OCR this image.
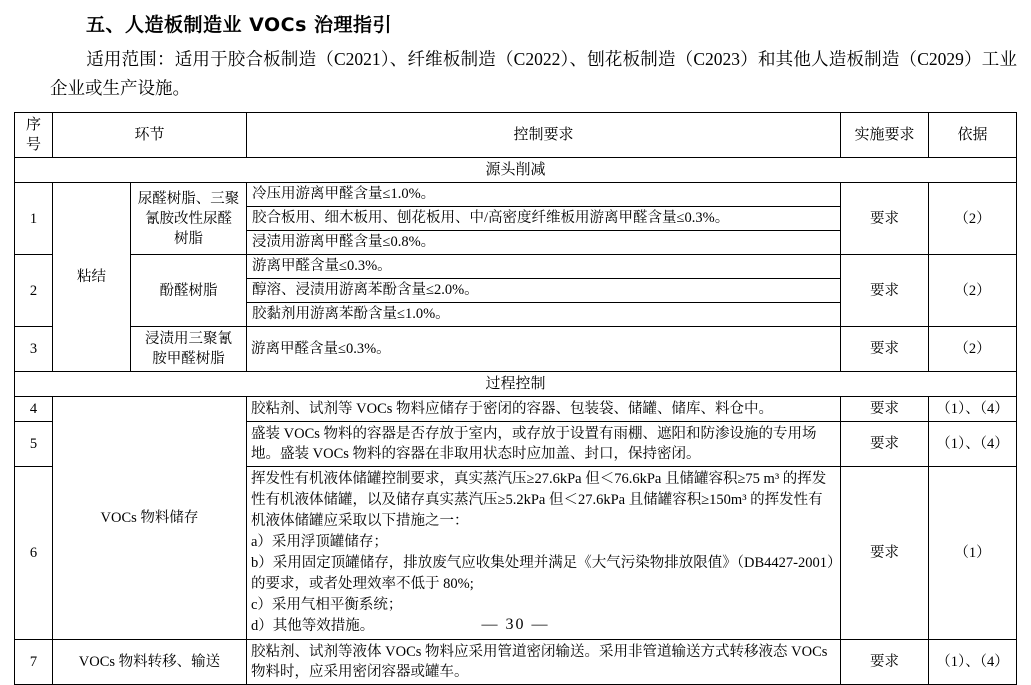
五、人造板制造业 VOCs 治理指引
适用范围：适用于胶合板制造（C2021）、纤维板制造（C2022）、刨花板制造（C2023）和其他人造板制造（C2029）工业企业或生产设施。
序号	环节		控制要求	实施要求	依据
源头削减					
1	粘结	尿醛树脂、三聚
氰胺改性尿醛
树脂	冷压用游离甲醛含量≤1.0%。
胶合板用、细木板用、刨花板用、中/高密度纤维板用游离甲醛含量≤0.3%。
浸渍用游离甲醛含量≤0.8%。	要求	（2）
2		酚醛树脂	游离甲醛含量≤0.3%。
醇溶、浸渍用游离苯酚含量≤2.0%。
胶黏剂用游离苯酚含量≤1.0%。	要求	（2）
3		浸渍用三聚氰
胺甲醛树脂	游离甲醛含量≤0.3%。	要求	（2）
过程控制					
4	VOCs 物料储存		胶粘剂、试剂等 VOCs 物料应储存于密闭的容器、包装袋、储罐、储库、料仓中。	要求	（1）、（4）
5			盛装 VOCs 物料的容器是否存放于室内，或存放于设置有雨棚、遮阳和防渗设施的专用场地。盛装 VOCs 物料的容器在非取用状态时应加盖、封口，保持密闭。	要求	（1）、（4）
6			挥发性有机液体储罐控制要求，真实蒸汽压≥27.6kPa 但＜76.6kPa 且储罐容积≥75 m³ 的挥发性有机液体储罐，以及储存真实蒸汽压≥5.2kPa 但＜27.6kPa 且储罐容积≥150m³ 的挥发性有机液体储罐应采取以下措施之一：
a）采用浮顶罐储存；
b）采用固定顶罐储存，排放废气应收集处理并满足《大气污染物排放限值》（DB4427-2001）的要求，或者处理效率不低于 80%;
c）采用气相平衡系统；
d）其他等效措施。	要求	（1）
7	VOCs 物料转移、输送		胶粘剂、试剂等液体 VOCs 物料应采用管道密闭输送。采用非管道输送方式转移液态 VOCs 物料时，应采用密闭容器或罐车。	要求	（1）、（4）
— 30 —
